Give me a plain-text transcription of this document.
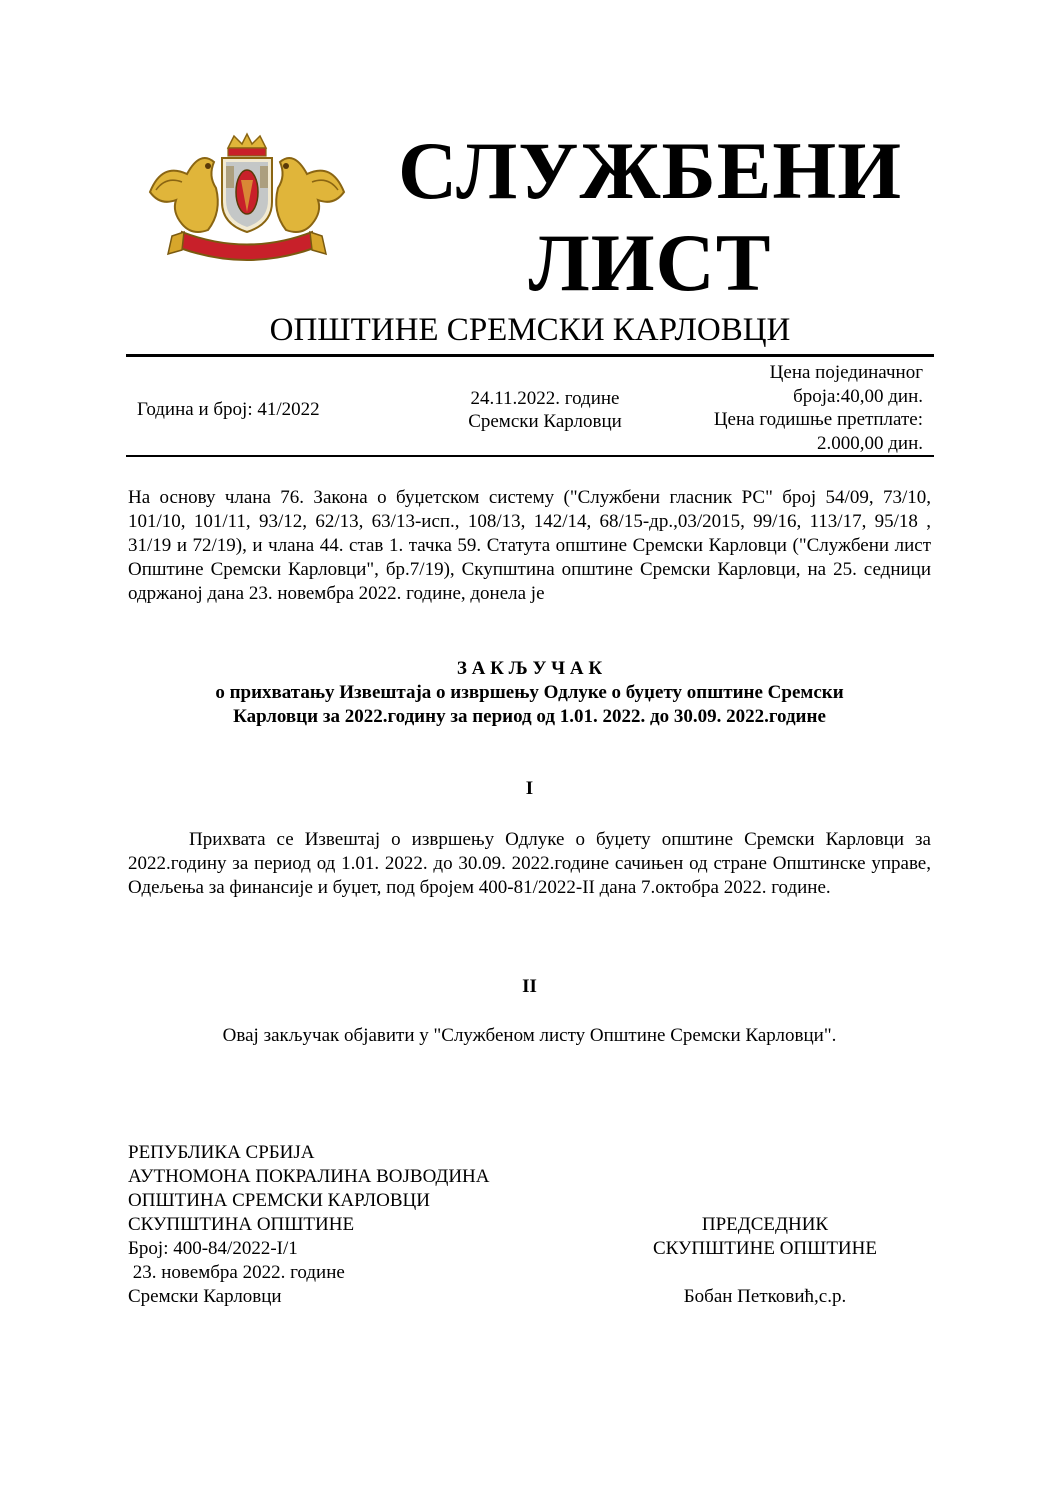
СЛУЖБЕНИ
ЛИСТ
ОПШТИНЕ СРЕМСКИ КАРЛОВЦИ
Година и број: 41/2022
24.11.2022. године
Сремски Карловци
Цена појединачног
броја:40,00 дин.
Цена годишње претплате:
2.000,00 дин.

На основу члана 76. Закона о буџетском систему ("Службени гласник РС" број 54/09, 73/10, 101/10, 101/11, 93/12, 62/13, 63/13-исп., 108/13, 142/14, 68/15-др.,03/2015, 99/16, 113/17, 95/18 , 31/19 и 72/19), и члана 44. став 1. тачка 59. Статута општине Сремски Карловци ("Службени лист Општине Сремски Карловци", бр.7/19), Скупштина општине Сремски Карловци, на 25. седници одржаној дана 23. новембра 2022. године, донела је

З А К Љ У Ч А К
о прихватању Извештаја о извршењу Одлуке о буџету општине Сремски
Карловци за 2022.годину за период од 1.01. 2022. до 30.09. 2022.године
I

Прихвата се Извештај о извршењу Одлуке о буџету општине Сремски Карловци за 2022.годину за период од 1.01. 2022. до 30.09. 2022.године сачињен од стране Општинске управе, Одељења за финансије и буџет, под бројем 400-81/2022-II дана 7.октобра 2022. године.

II
Овај закључак објавити у "Службеном листу Општине Сремски Карловци".
РЕПУБЛИКА СРБИЈА
АУТНОМОНА ПОКРАЛИНА ВОЈВОДИНА
ОПШТИНА СРЕМСКИ КАРЛОВЦИ
СКУПШТИНА ОПШТИНЕ
Број: 400-84/2022-I/1
23. новембра 2022. године
Сремски Карловци
ПРЕДСЕДНИК
СКУПШТИНЕ ОПШТИНЕ
Бобан Петковић,с.р.
